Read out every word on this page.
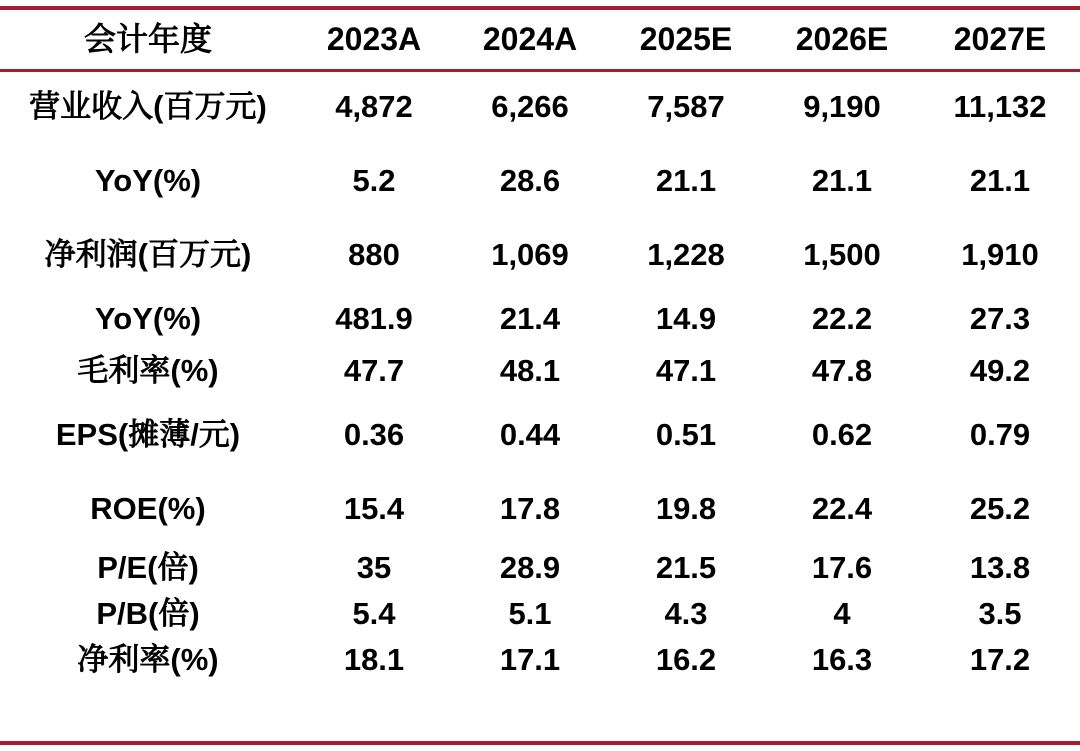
会计年度	2023A	2024A	2025E	2026E	2027E
营业收入(百万元)	4,872	6,266	7,587	9,190	11,132
YoY(%)	5.2	28.6	21.1	21.1	21.1
净利润(百万元)	880	1,069	1,228	1,500	1,910
YoY(%)	481.9	21.4	14.9	22.2	27.3
毛利率(%)	47.7	48.1	47.1	47.8	49.2
EPS(摊薄/元)	0.36	0.44	0.51	0.62	0.79
ROE(%)	15.4	17.8	19.8	22.4	25.2
P/E(倍)	35	28.9	21.5	17.6	13.8
P/B(倍)	5.4	5.1	4.3	4	3.5
净利率(%)	18.1	17.1	16.2	16.3	17.2
